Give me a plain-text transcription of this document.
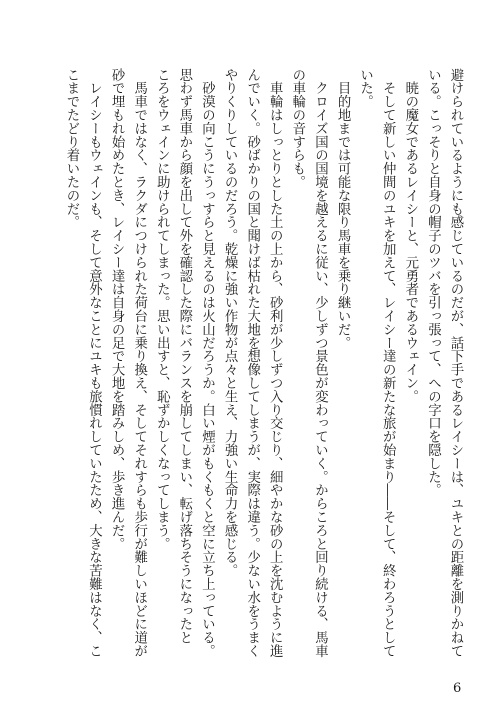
避けられているようにも感じているのだが、話下手であるレイシーは、ユキとの距離を測りかねて
いる。こっそりと自身の帽子のツバを引っ張って、への字口を隠した。
　暁の魔女であるレイシーと、元勇者であるウェイン。
　そして新しい仲間のユキを加えて、レイシー達の新たな旅が始まり――そして、終わろうとして
いた。
　目的地までは可能な限り馬車を乗り継いだ。
　クロイズ国の国境を越えるに従い、少しずつ景色が変わっていく。からころと回り続ける、馬車
の車輪の音すらも。
　車輪はしっとりとした土の上から、砂利が少しずつ入り交じり、細やかな砂の上を沈むように進
んでいく。砂ばかりの国と聞けば枯れた大地を想像してしまうが、実際は違う。少ない水をうまく
やりくりしているのだろう。乾燥に強い作物が点々と生え、力強い生命力を感じる。
　砂漠の向こうにうっすらと見えるのは火山だろうか。白い煙がもくもくと空に立ち上っている。
思わず馬車から顔を出して外を確認した際にバランスを崩してしまい、転げ落ちそうになったと
ころをウェインに助けられてしまった。思い出すと、恥ずかしくなってしまう。
　馬車ではなく、ラクダにつけられた荷台に乗り換え、そしてそれすらも歩行が難しいほどに道が
砂で埋もれ始めたとき、レイシー達は自身の足で大地を踏みしめ、歩き進んだ。
　レイシーもウェインも、そして意外なことにユキも旅慣れしていたため、大きな苦難はなく、こ
こまでたどり着いたのだ。
6
